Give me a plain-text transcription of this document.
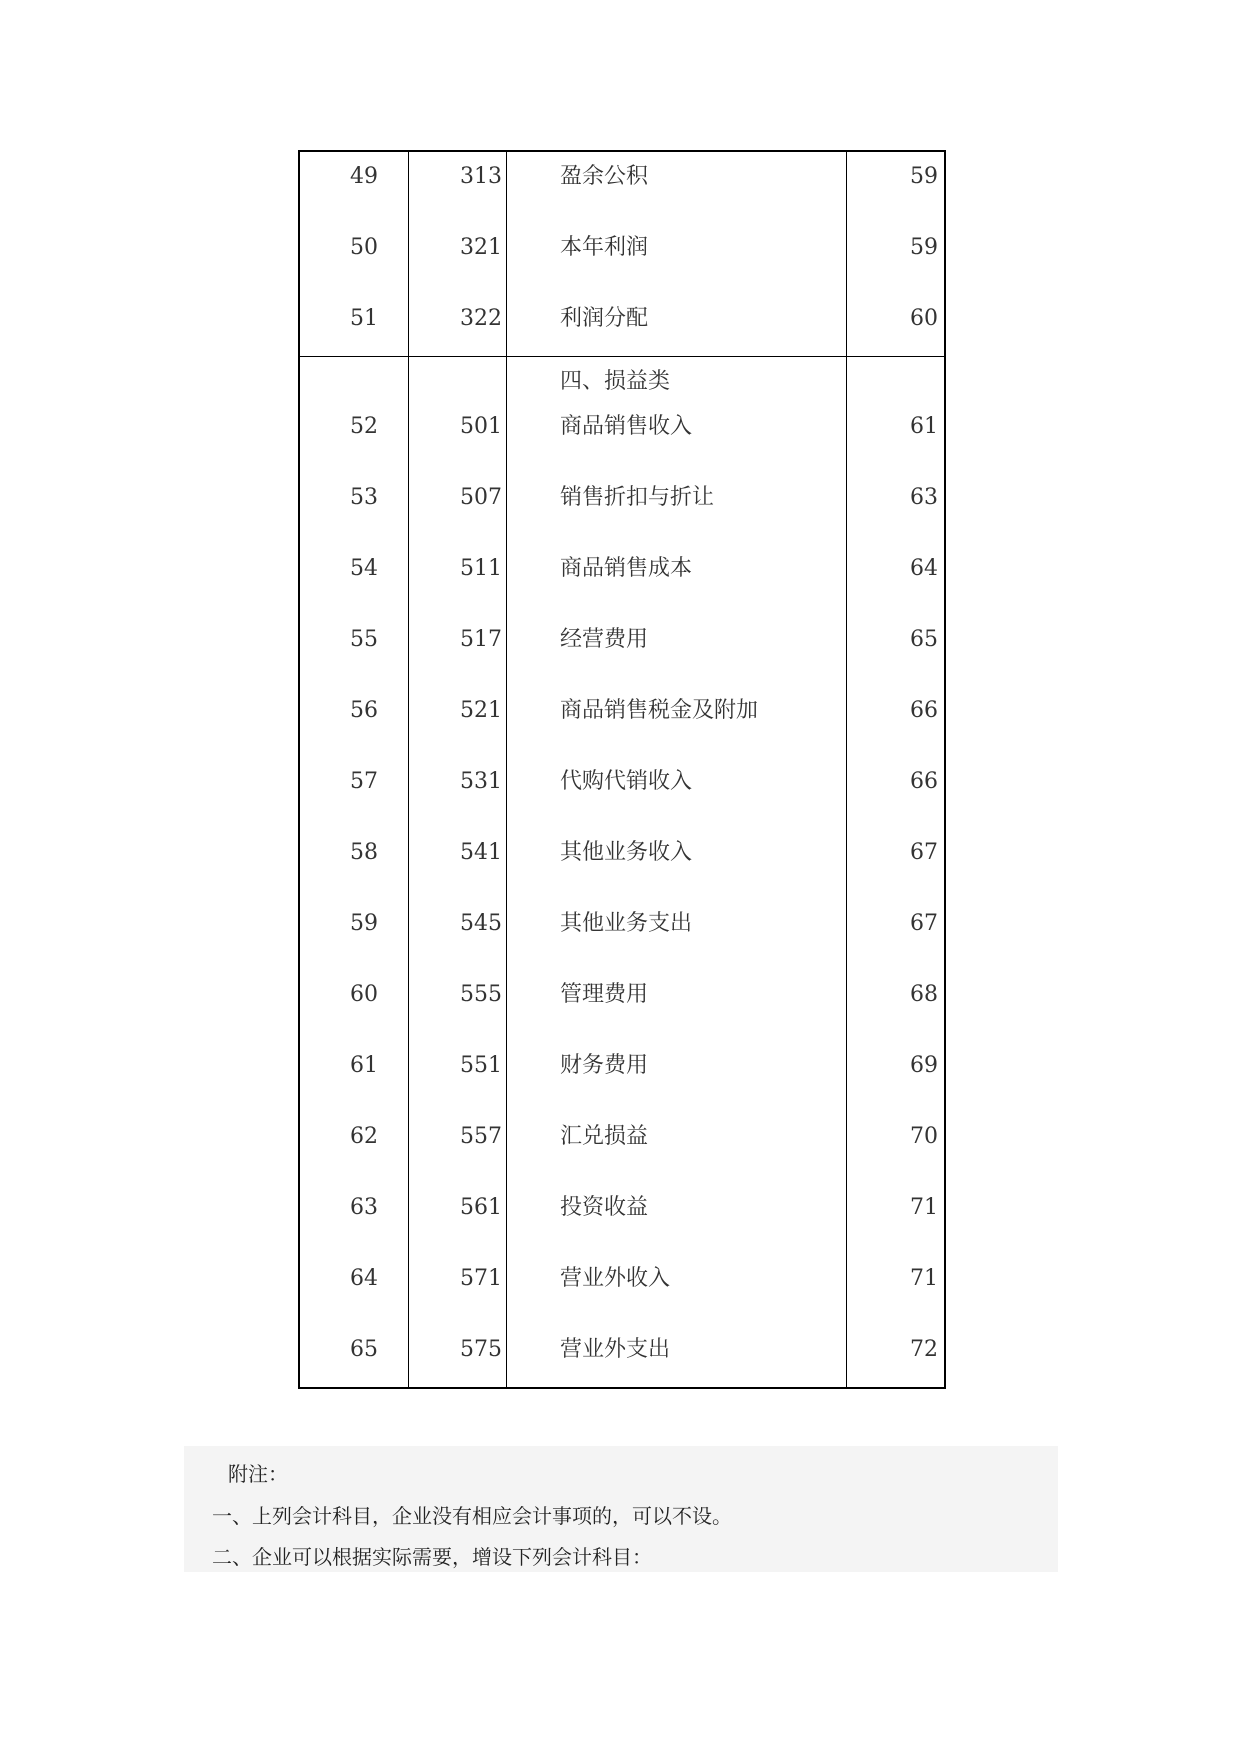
49	313	盈余公积	59
50	321	本年利润	59
51	322	利润分配	60
四、损益类
52	501	商品销售收入	61
53	507	销售折扣与折让	63
54	511	商品销售成本	64
55	517	经营费用	65
56	521	商品销售税金及附加	66
57	531	代购代销收入	66
58	541	其他业务收入	67
59	545	其他业务支出	67
60	555	管理费用	68
61	551	财务费用	69
62	557	汇兑损益	70
63	561	投资收益	71
64	571	营业外收入	71
65	575	营业外支出	72
附注：
一、上列会计科目，企业没有相应会计事项的，可以不设。
二、企业可以根据实际需要，增设下列会计科目：
